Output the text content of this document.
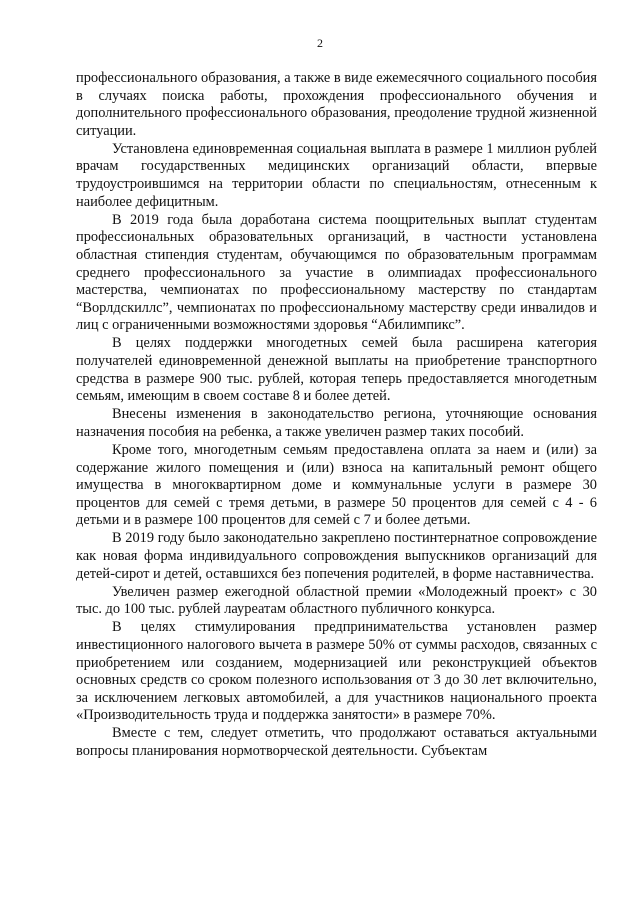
2

профессионального образования, а также в виде ежемесячного социального пособия в случаях поиска работы, прохождения профессионального обучения и дополнительного профессионального образования, преодоление трудной жизненной ситуации.

Установлена единовременная социальная выплата в размере 1 миллион рублей врачам государственных медицинских организаций области, впервые трудоустроившимся на территории области по специальностям, отнесенным к наиболее дефицитным.

В 2019 года была доработана система поощрительных выплат студентам профессиональных образовательных организаций, в частности установлена областная стипендия студентам, обучающимся по образовательным программам среднего профессионального за участие в олимпиадах профессионального мастерства, чемпионатах по профессиональному мастерству по стандартам “Ворлдскиллс”, чемпионатах по профессиональному мастерству среди инвалидов и лиц с ограниченными возможностями здоровья “Абилимпикс”.

В целях поддержки многодетных семей была расширена категория получателей единовременной денежной выплаты на приобретение транспортного средства в размере 900 тыс. рублей, которая теперь предоставляется многодетным семьям, имеющим в своем составе 8 и более детей.

Внесены изменения в законодательство региона, уточняющие основания назначения пособия на ребенка, а также увеличен размер таких пособий.

Кроме того, многодетным семьям предоставлена оплата за наем и (или) за содержание жилого помещения и (или) взноса на капитальный ремонт общего имущества в многоквартирном доме и коммунальные услуги в размере 30 процентов для семей с тремя детьми, в размере 50 процентов для семей с 4 - 6 детьми и в размере 100 процентов для семей с 7 и более детьми.

В 2019 году было законодательно закреплено постинтернатное сопровождение как новая форма индивидуального сопровождения выпускников организаций для детей-сирот и детей, оставшихся без попечения родителей, в форме наставничества.

Увеличен размер ежегодной областной премии «Молодежный проект» с 30 тыс. до 100 тыс. рублей лауреатам областного публичного конкурса.

В целях стимулирования предпринимательства установлен размер инвестиционного налогового вычета в размере 50% от суммы расходов, связанных с приобретением или созданием, модернизацией или реконструкцией объектов основных средств со сроком полезного использования от 3 до 30 лет включительно, за исключением легковых автомобилей, а для участников национального проекта «Производительность труда и поддержка занятости» в размере 70%.

Вместе с тем, следует отметить, что продолжают оставаться актуальными вопросы планирования нормотворческой деятельности. Субъектам
